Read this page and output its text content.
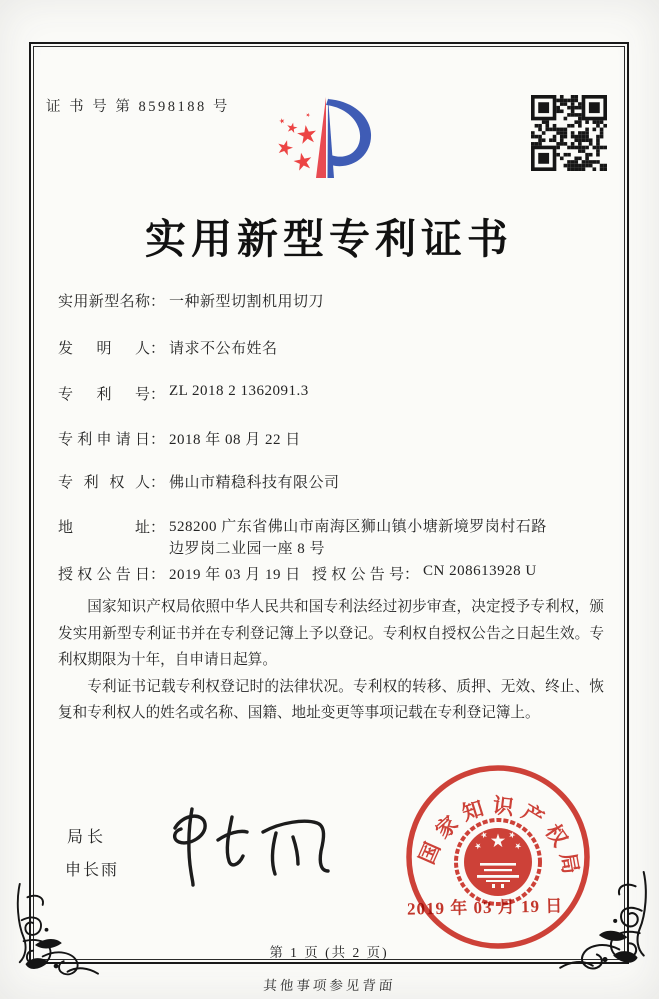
证 书 号 第 8598188 号
实用新型专利证书
实用新型名称： 一种新型切割机用切刀
发明人： 请求不公布姓名
专利号： ZL 2018 2 1362091.3
专利申请日： 2018 年 08 月 22 日
专利权人： 佛山市精稳科技有限公司
地址： 528200 广东省佛山市南海区狮山镇小塘新境罗岗村石路
边罗岗二业园一座 8 号
授权公告日： 2019 年 03 月 19 日 授权公告号： CN 208613928 U

国家知识产权局依照中华人民共和国专利法经过初步审查，决定授予专利权，颁发实用新型专利证书并在专利登记簿上予以登记。专利权自授权公告之日起生效。专利权期限为十年，自申请日起算。

专利证书记载专利权登记时的法律状况。专利权的转移、质押、无效、终止、恢复和专利权人的姓名或名称、国籍、地址变更等事项记载在专利登记簿上。

局长
申长雨
国家知识产权局
2019 年 03 月 19 日
第 1 页 (共 2 页)
其他事项参见背面
